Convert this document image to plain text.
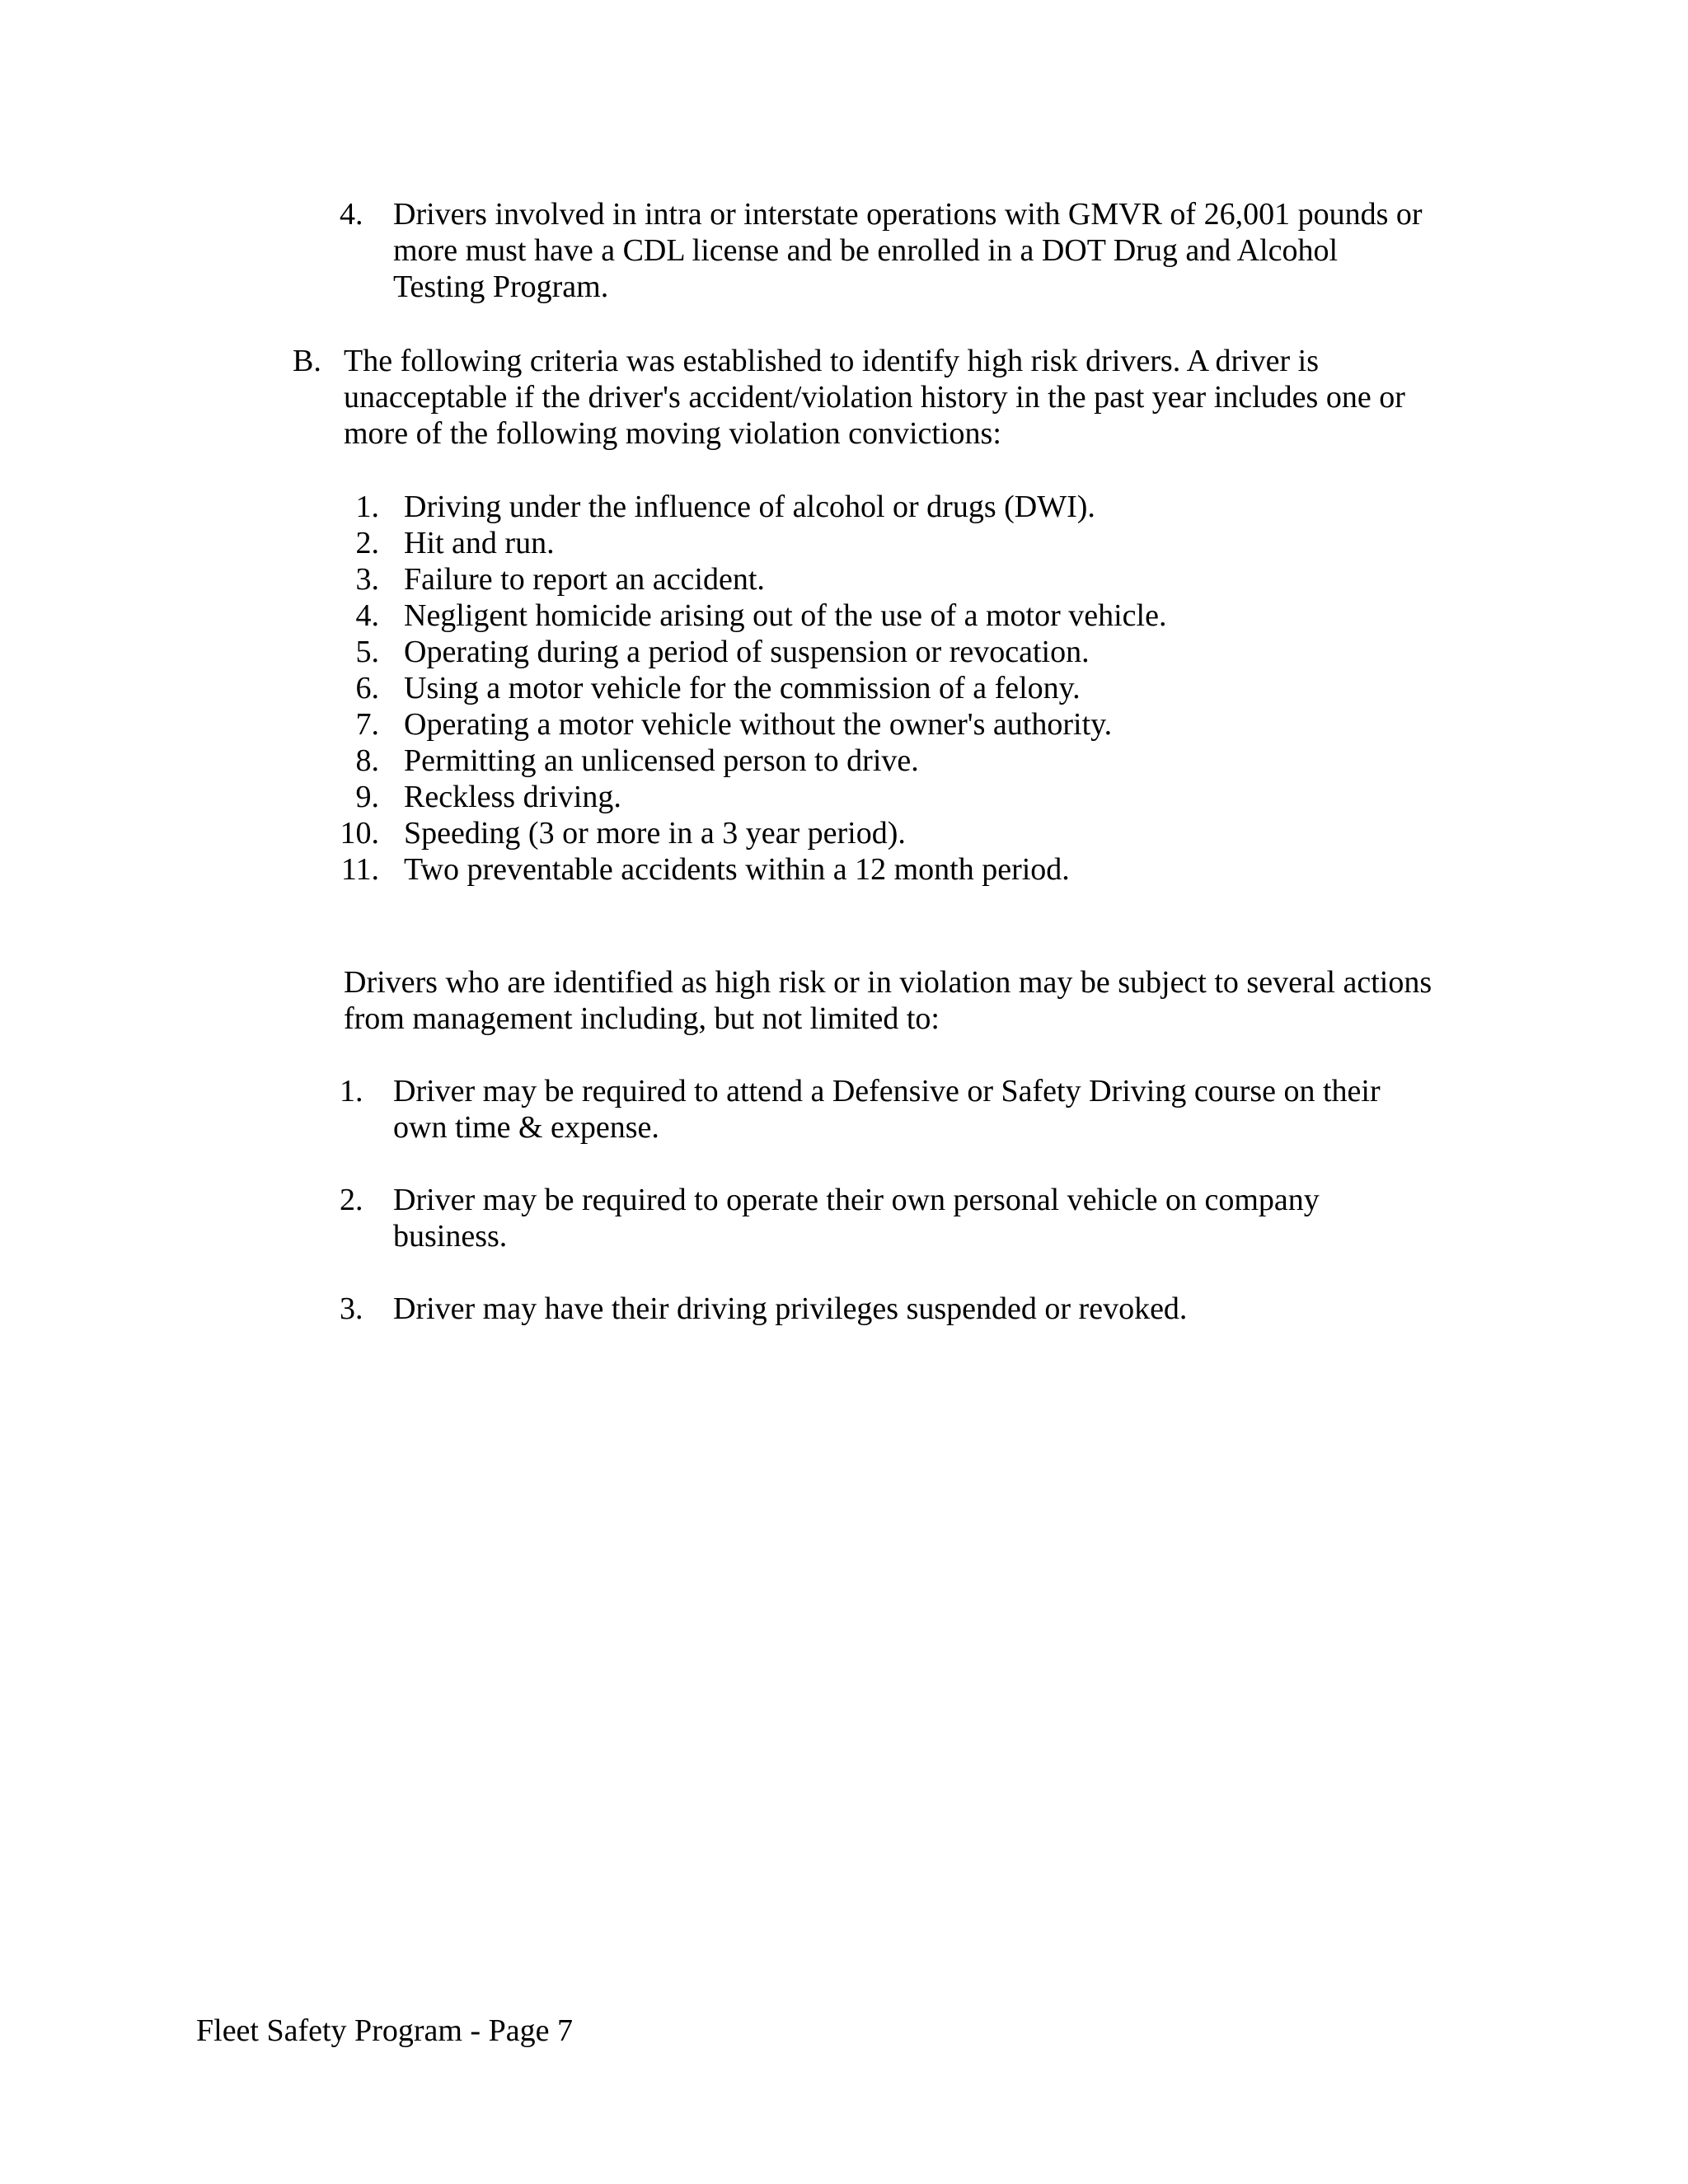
4. Drivers involved in intra or interstate operations with GMVR of 26,001 pounds or
more must have a CDL license and be enrolled in a DOT Drug and Alcohol
Testing Program.
B. The following criteria was established to identify high risk drivers. A driver is
unacceptable if the driver's accident/violation history in the past year includes one or
more of the following moving violation convictions:
1. Driving under the influence of alcohol or drugs (DWI).
2. Hit and run.
3. Failure to report an accident.
4. Negligent homicide arising out of the use of a motor vehicle.
5. Operating during a period of suspension or revocation.
6. Using a motor vehicle for the commission of a felony.
7. Operating a motor vehicle without the owner's authority.
8. Permitting an unlicensed person to drive.
9. Reckless driving.
10. Speeding (3 or more in a 3 year period).
11. Two preventable accidents within a 12 month period.
Drivers who are identified as high risk or in violation may be subject to several actions
from management including, but not limited to:
1. Driver may be required to attend a Defensive or Safety Driving course on their
own time & expense.
2. Driver may be required to operate their own personal vehicle on company
business.
3. Driver may have their driving privileges suspended or revoked.
Fleet Safety Program - Page 7
